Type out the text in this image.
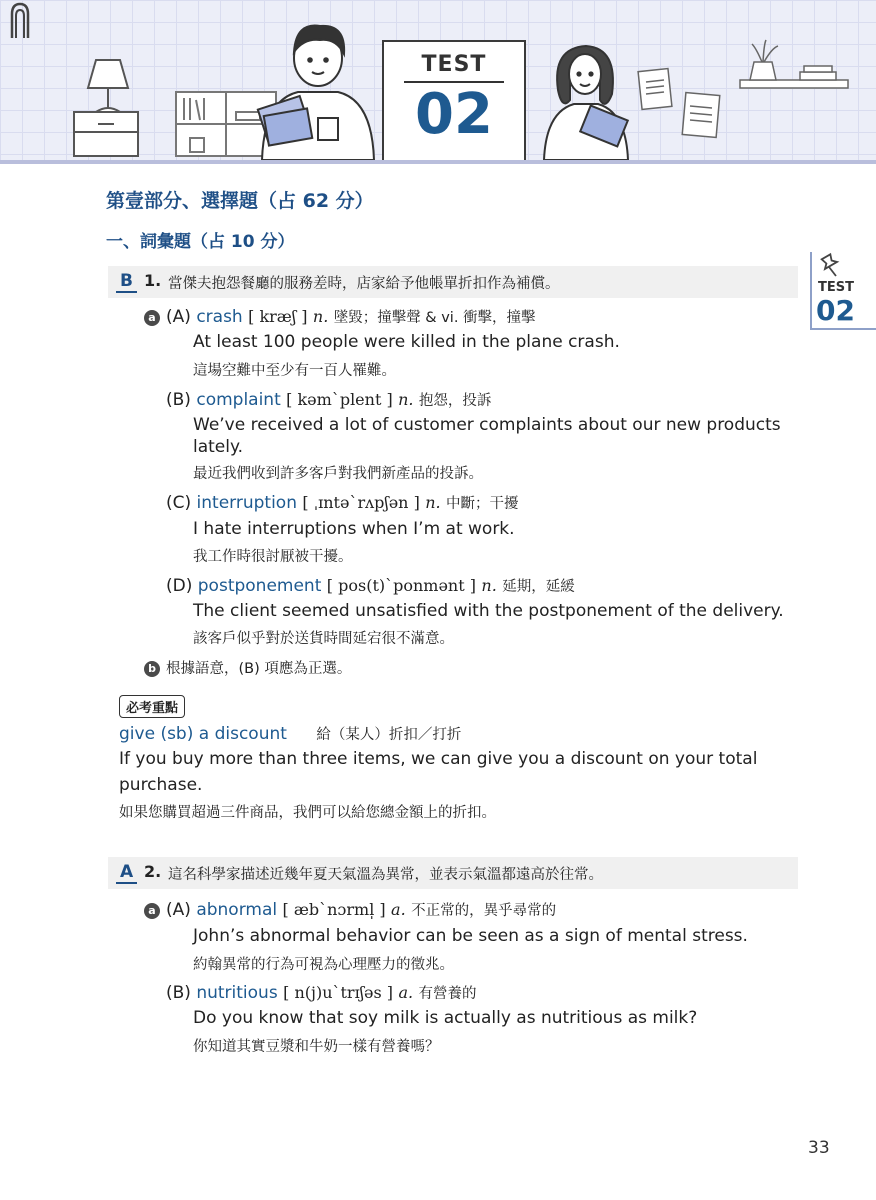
TEST
02
TEST
02
第壹部分、選擇題（占 62 分）
一、詞彙題（占 10 分）
B 1. 當傑夫抱怨餐廳的服務差時，店家給予他帳單折扣作為補償。
a (A) crash [ kræʃ ] n. 墜毀；撞擊聲 & vi. 衝擊，撞擊
At least 100 people were killed in the plane crash.
這場空難中至少有一百人罹難。
(B) complaint [ kəmˋplent ] n. 抱怨，投訴
We’ve received a lot of customer complaints about our new products
lately.
最近我們收到許多客戶對我們新產品的投訴。
(C) interruption [ ˌɪntəˋrʌpʃən ] n. 中斷；干擾
I hate interruptions when I’m at work.
我工作時很討厭被干擾。
(D) postponement [ pos(t)ˋponmənt ] n. 延期，延緩
The client seemed unsatisfied with the postponement of the delivery.
該客戶似乎對於送貨時間延宕很不滿意。
b 根據語意，(B) 項應為正選。
必考重點
give (sb) a discount 給（某人）折扣／打折
If you buy more than three items, we can give you a discount on your total
purchase.
如果您購買超過三件商品，我們可以給您總金額上的折扣。
A 2. 這名科學家描述近幾年夏天氣溫為異常，並表示氣溫都遠高於往常。
a (A) abnormal [ æbˋnɔrml̩ ] a. 不正常的，異乎尋常的
John’s abnormal behavior can be seen as a sign of mental stress.
約翰異常的行為可視為心理壓力的徵兆。
(B) nutritious [ n(j)uˋtrɪʃəs ] a. 有營養的
Do you know that soy milk is actually as nutritious as milk?
你知道其實豆漿和牛奶一樣有營養嗎？
33
